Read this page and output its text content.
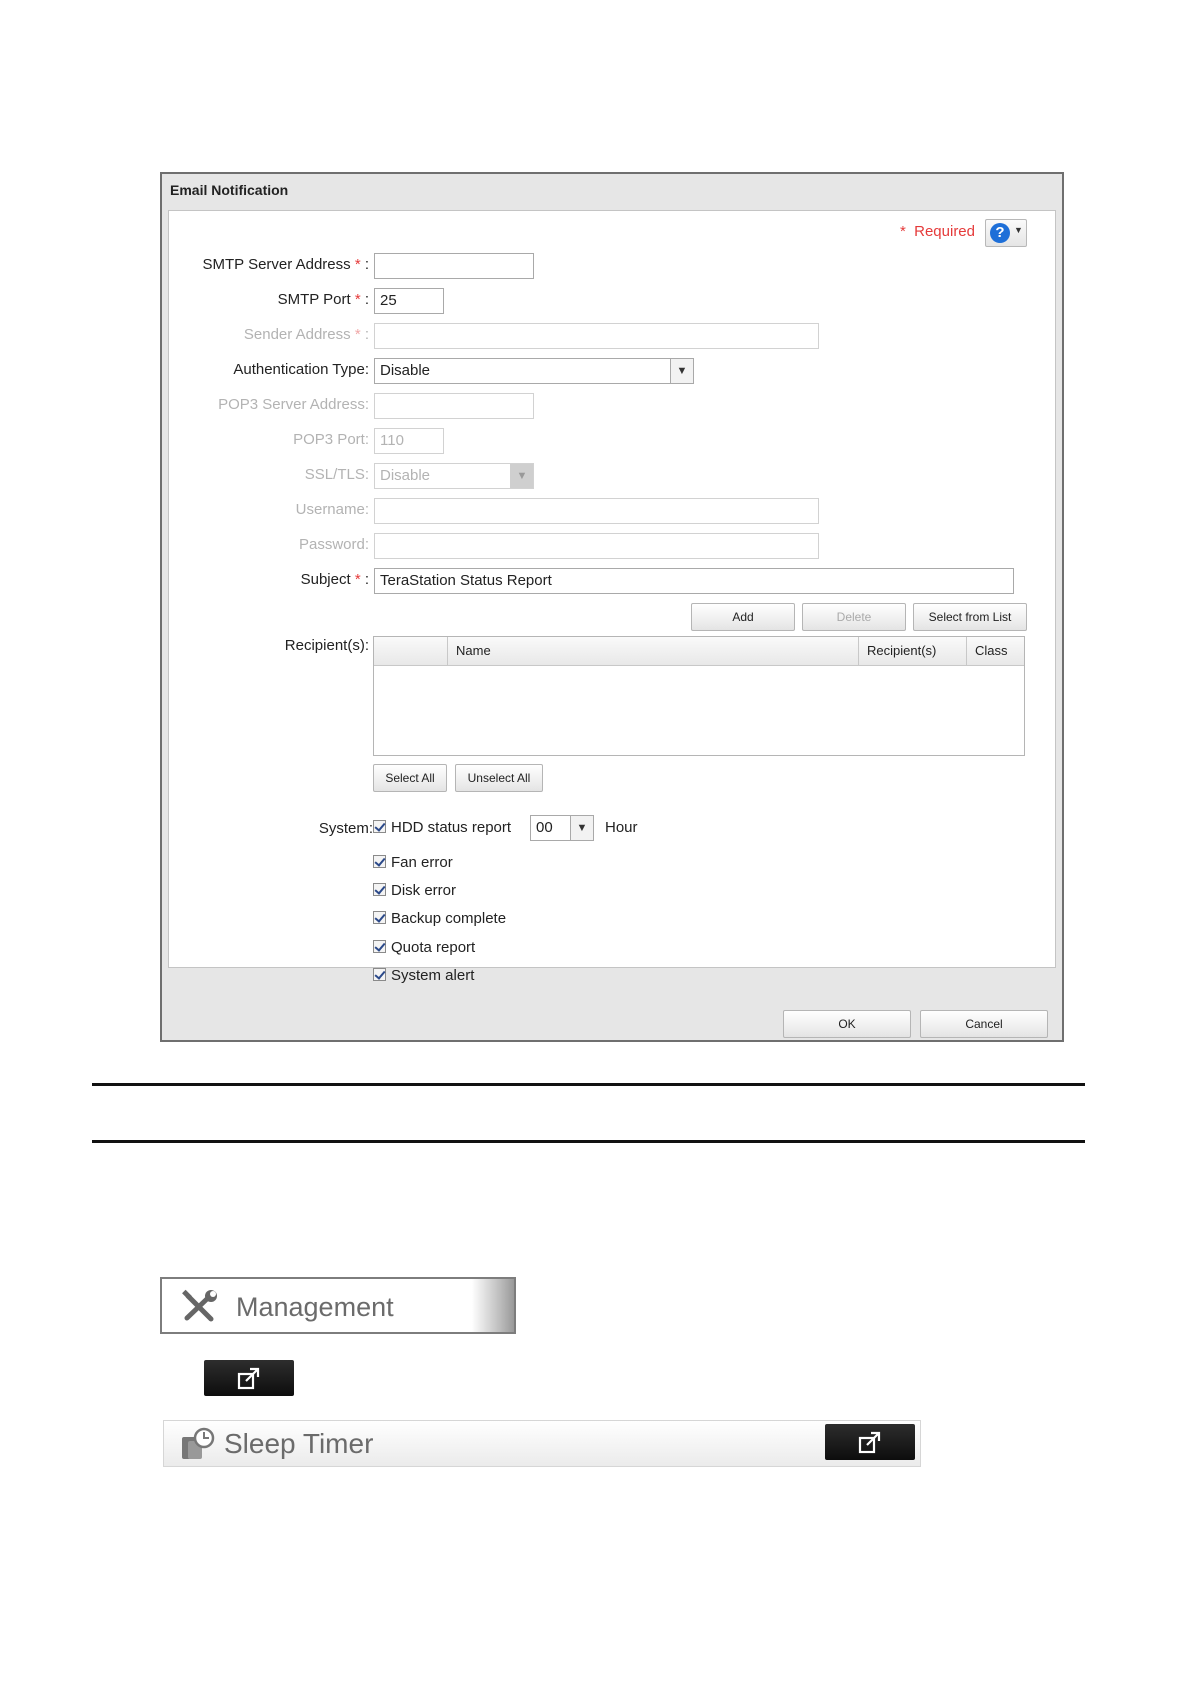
Email Notification
* Required	?	▼
SMTP Server Address * :
SMTP Port * : 25
Sender Address * :
Authentication Type: Disable	▼
POP3 Server Address:
POP3 Port: 110
SSL/TLS: Disable	▼
Username:
Password:
Subject * : TeraStation Status Report
Add	Delete	Select from List
Recipient(s):	Name	Recipient(s)	Class
Select All	Unselect All
System:	HDD status report	00	▼	Hour
Fan error
Disk error
Backup complete
Quota report
System alert
OK	Cancel
Management
Sleep Timer
